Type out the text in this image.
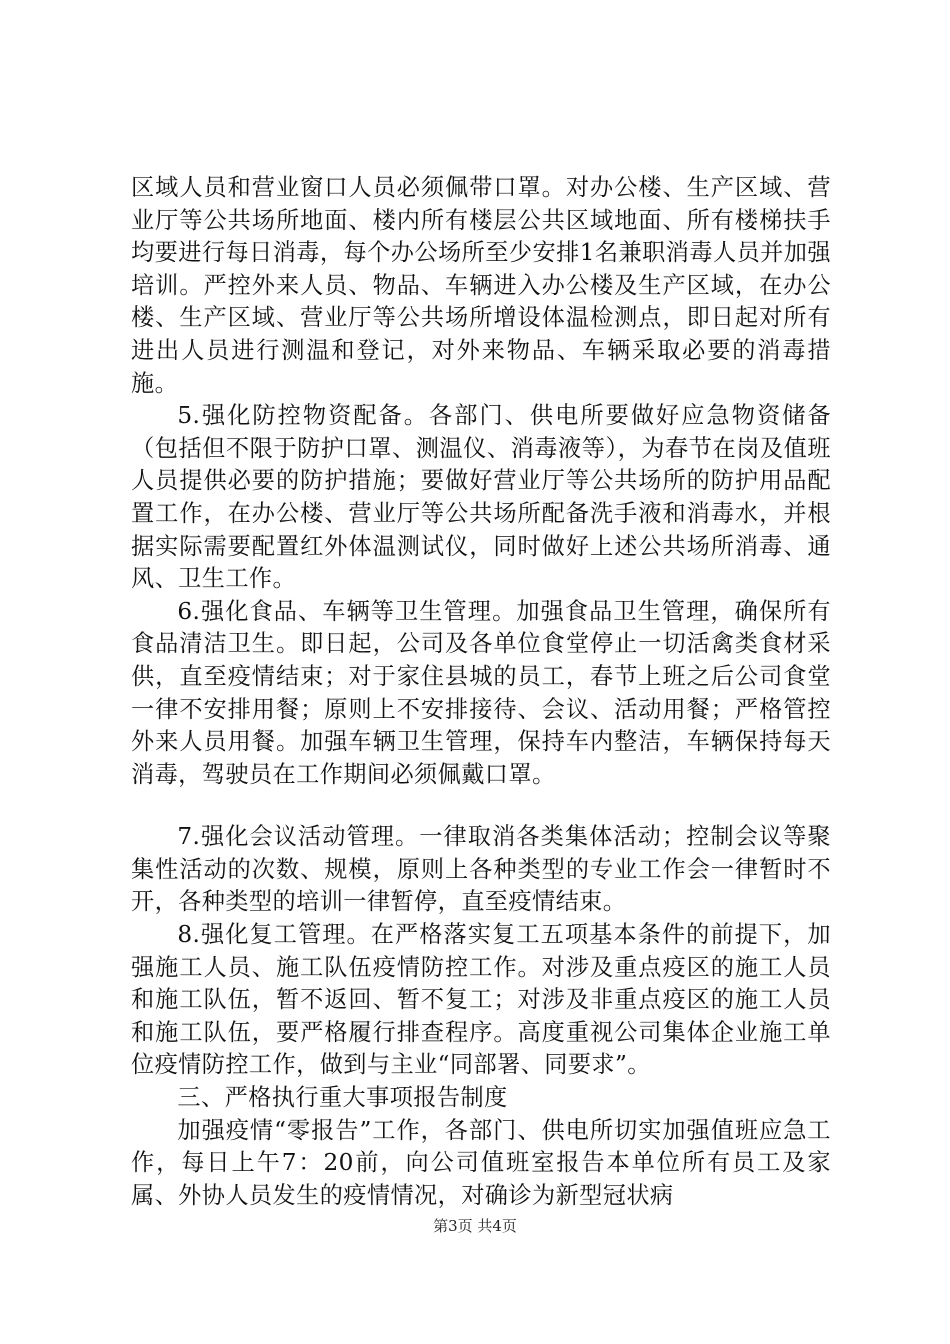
区域人员和营业窗口人员必须佩带口罩。对办公楼、生产区域、营业厅等公共场所地面、楼内所有楼层公共区域地面、所有楼梯扶手均要进行每日消毒，每个办公场所至少安排1名兼职消毒人员并加强培训。严控外来人员、物品、车辆进入办公楼及生产区域，在办公楼、生产区域、营业厅等公共场所增设体温检测点，即日起对所有进出人员进行测温和登记，对外来物品、车辆采取必要的消毒措施。

5.强化防控物资配备。各部门、供电所要做好应急物资储备（包括但不限于防护口罩、测温仪、消毒液等），为春节在岗及值班人员提供必要的防护措施；要做好营业厅等公共场所的防护用品配置工作，在办公楼、营业厅等公共场所配备洗手液和消毒水，并根据实际需要配置红外体温测试仪，同时做好上述公共场所消毒、通风、卫生工作。

6.强化食品、车辆等卫生管理。加强食品卫生管理，确保所有食品清洁卫生。即日起，公司及各单位食堂停止一切活禽类食材采供，直至疫情结束；对于家住县城的员工，春节上班之后公司食堂一律不安排用餐；原则上不安排接待、会议、活动用餐；严格管控外来人员用餐。加强车辆卫生管理，保持车内整洁，车辆保持每天消毒，驾驶员在工作期间必须佩戴口罩。

7.强化会议活动管理。一律取消各类集体活动；控制会议等聚集性活动的次数、规模，原则上各种类型的专业工作会一律暂时不开，各种类型的培训一律暂停，直至疫情结束。

8.强化复工管理。在严格落实复工五项基本条件的前提下，加强施工人员、施工队伍疫情防控工作。对涉及重点疫区的施工人员和施工队伍，暂不返回、暂不复工；对涉及非重点疫区的施工人员和施工队伍，要严格履行排查程序。高度重视公司集体企业施工单位疫情防控工作，做到与主业“同部署、同要求”。

三、严格执行重大事项报告制度

加强疫情“零报告”工作，各部门、供电所切实加强值班应急工作，每日上午7：20前，向公司值班室报告本单位所有员工及家属、外协人员发生的疫情情况，对确诊为新型冠状病

第3页 共4页
